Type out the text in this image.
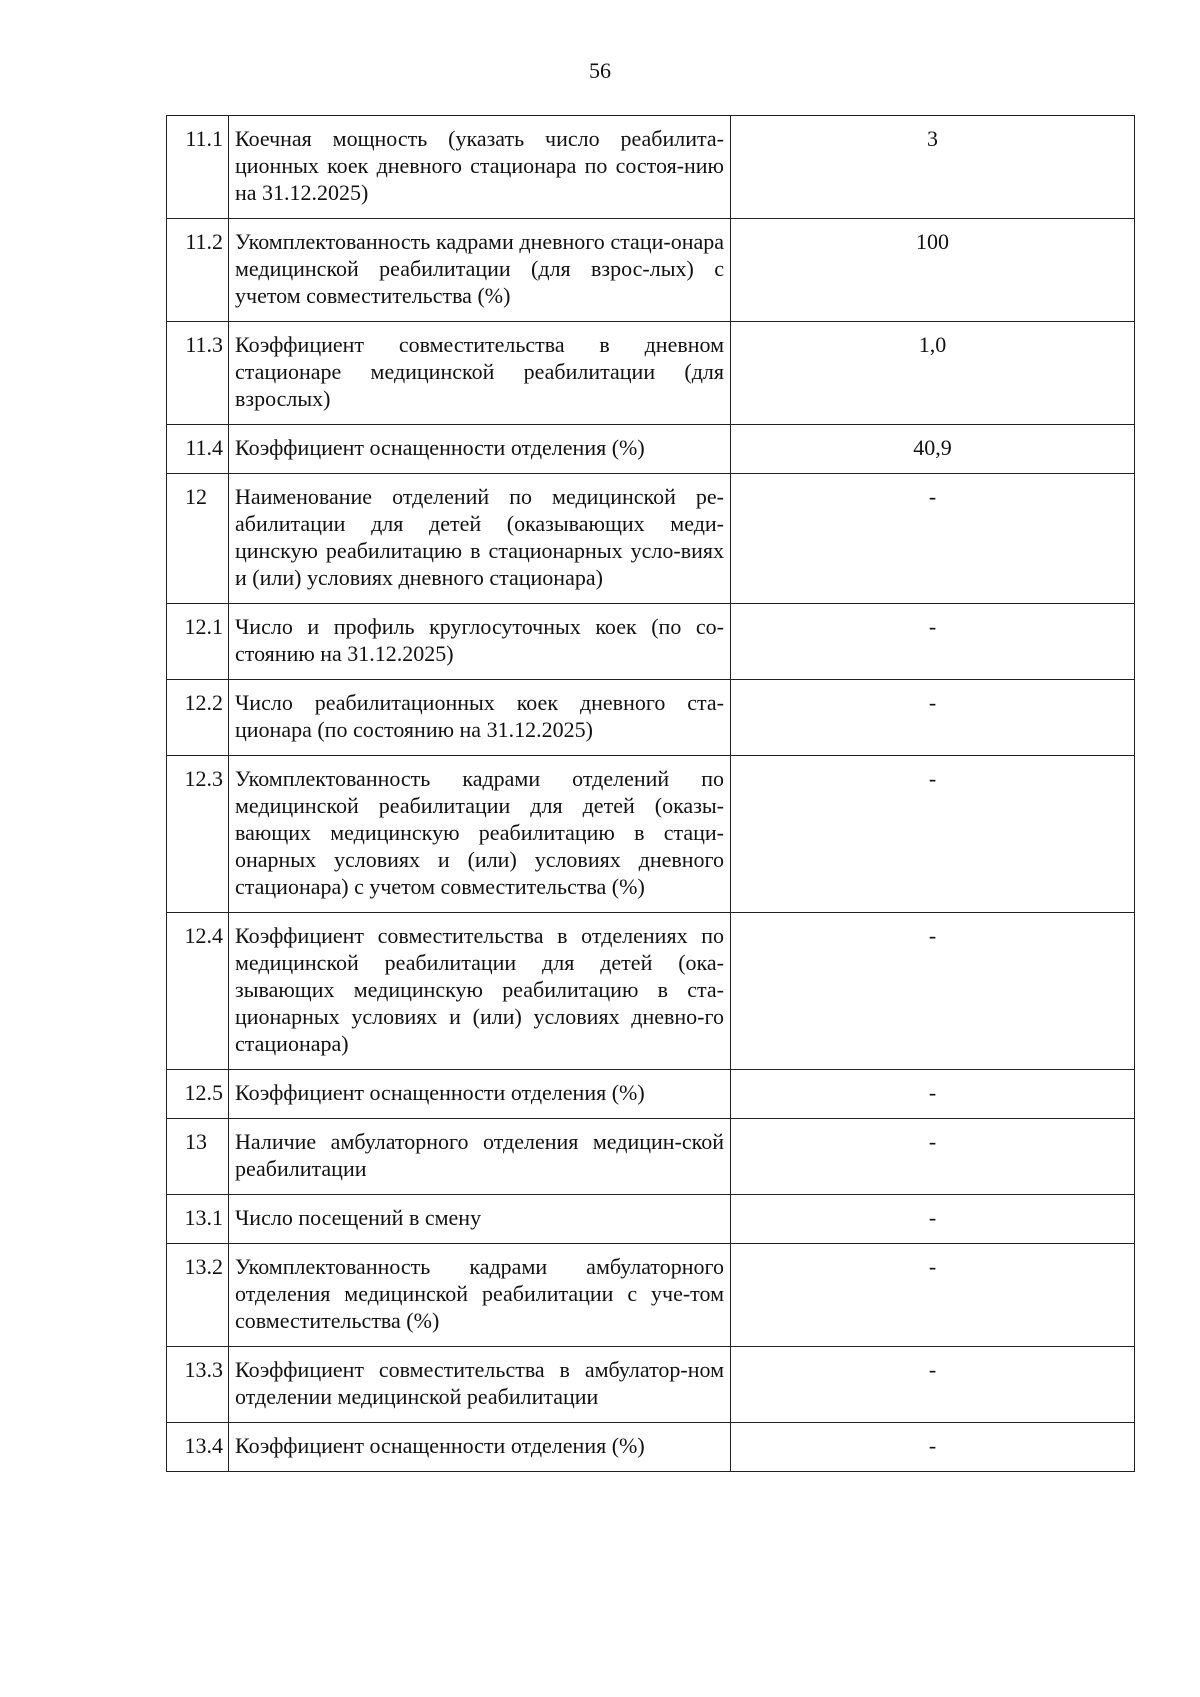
56
11.1	Коечная мощность (указать число реабилита-ционных коек дневного стационара по состоя-нию на 31.12.2025)	3
11.2	Укомплектованность кадрами дневного стаци-онара медицинской реабилитации (для взрос-лых) с учетом совместительства (%)	100
11.3	Коэффициент совместительства в дневном стационаре медицинской реабилитации (для взрослых)	1,0
11.4	Коэффициент оснащенности отделения (%)	40,9
12	Наименование отделений по медицинской ре-абилитации для детей (оказывающих меди-цинскую реабилитацию в стационарных усло-виях и (или) условиях дневного стационара)	-
12.1	Число и профиль круглосуточных коек (по со-стоянию на 31.12.2025)	-
12.2	Число реабилитационных коек дневного ста-ционара (по состоянию на 31.12.2025)	-
12.3	Укомплектованность кадрами отделений по медицинской реабилитации для детей (оказы-вающих медицинскую реабилитацию в стаци-онарных условиях и (или) условиях дневного стационара) с учетом совместительства (%)	-
12.4	Коэффициент совместительства в отделениях по медицинской реабилитации для детей (ока-зывающих медицинскую реабилитацию в ста-ционарных условиях и (или) условиях дневно-го стационара)	-
12.5	Коэффициент оснащенности отделения (%)	-
13	Наличие амбулаторного отделения медицин-ской реабилитации	-
13.1	Число посещений в смену	-
13.2	Укомплектованность кадрами амбулаторного отделения медицинской реабилитации с уче-том совместительства (%)	-
13.3	Коэффициент совместительства в амбулатор-ном отделении медицинской реабилитации	-
13.4	Коэффициент оснащенности отделения (%)	-
